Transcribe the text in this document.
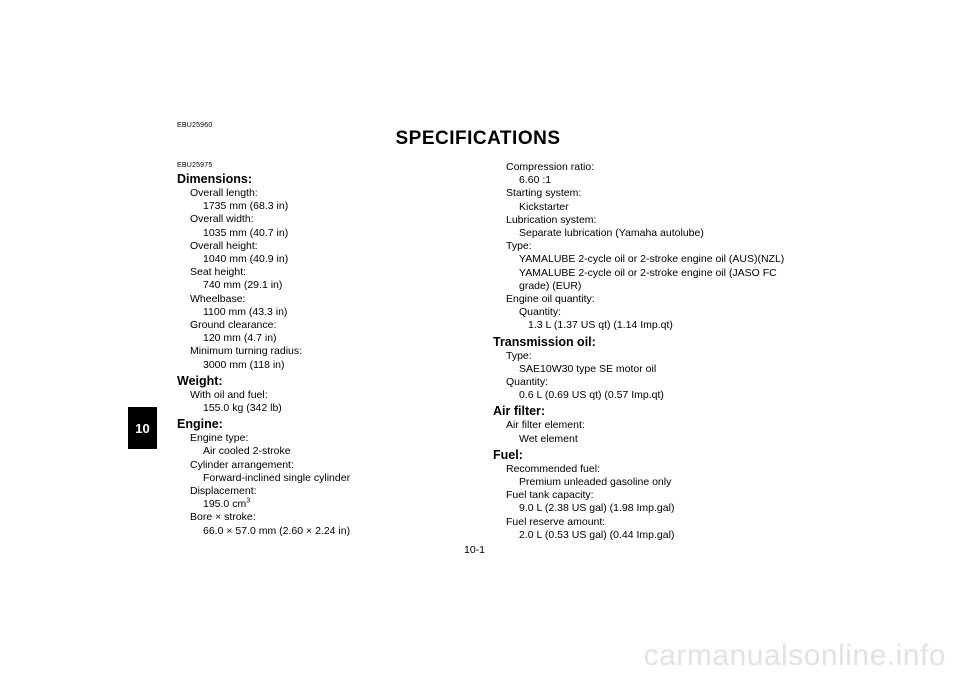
EBU25960
SPECIFICATIONS
EBU25975
Dimensions:
Overall length:
1735 mm (68.3 in)
Overall width:
1035 mm (40.7 in)
Overall height:
1040 mm (40.9 in)
Seat height:
740 mm (29.1 in)
Wheelbase:
1100 mm (43.3 in)
Ground clearance:
120 mm (4.7 in)
Minimum turning radius:
3000 mm (118 in)
Weight:
With oil and fuel:
155.0 kg (342 lb)
Engine:
Engine type:
Air cooled 2-stroke
Cylinder arrangement:
Forward-inclined single cylinder
Displacement:
195.0 $cm^3$
Bore × stroke:
66.0 × 57.0 mm (2.60 × 2.24 in)
Compression ratio:
6.60 :1
Starting system:
Kickstarter
Lubrication system:
Separate lubrication (Yamaha autolube)
Type:
YAMALUBE 2-cycle oil or 2-stroke engine oil (AUS)(NZL)
YAMALUBE 2-cycle oil or 2-stroke engine oil (JASO FC
grade) (EUR)
Engine oil quantity:
Quantity:
1.3 L (1.37 US qt) (1.14 Imp.qt)
Transmission oil:
Type:
SAE10W30 type SE motor oil
Quantity:
0.6 L (0.69 US qt) (0.57 Imp.qt)
Air filter:
Air filter element:
Wet element
Fuel:
Recommended fuel:
Premium unleaded gasoline only
Fuel tank capacity:
9.0 L (2.38 US gal) (1.98 Imp.gal)
Fuel reserve amount:
2.0 L (0.53 US gal) (0.44 Imp.gal)
10
10-1
carmanualsonline.info
